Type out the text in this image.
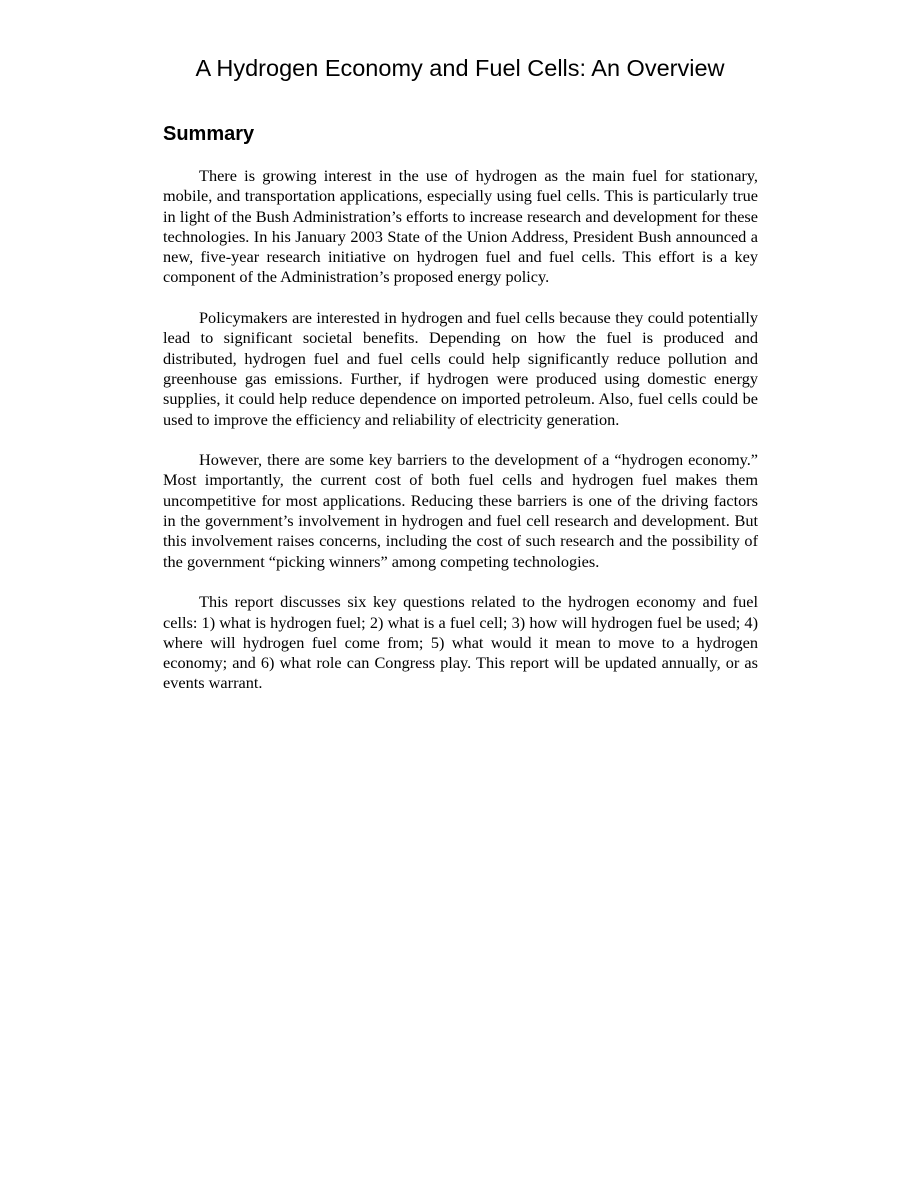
A Hydrogen Economy and Fuel Cells: An Overview
Summary

There is growing interest in the use of hydrogen as the main fuel for stationary, mobile, and transportation applications, especially using fuel cells. This is particularly true in light of the Bush Administration’s efforts to increase research and development for these technologies. In his January 2003 State of the Union Address, President Bush announced a new, five-year research initiative on hydrogen fuel and fuel cells. This effort is a key component of the Administration’s proposed energy policy.

Policymakers are interested in hydrogen and fuel cells because they could potentially lead to significant societal benefits. Depending on how the fuel is produced and distributed, hydrogen fuel and fuel cells could help significantly reduce pollution and greenhouse gas emissions. Further, if hydrogen were produced using domestic energy supplies, it could help reduce dependence on imported petroleum. Also, fuel cells could be used to improve the efficiency and reliability of electricity generation.

However, there are some key barriers to the development of a “hydrogen economy.” Most importantly, the current cost of both fuel cells and hydrogen fuel makes them uncompetitive for most applications. Reducing these barriers is one of the driving factors in the government’s involvement in hydrogen and fuel cell research and development. But this involvement raises concerns, including the cost of such research and the possibility of the government “picking winners” among competing technologies.

This report discusses six key questions related to the hydrogen economy and fuel cells: 1) what is hydrogen fuel; 2) what is a fuel cell; 3) how will hydrogen fuel be used; 4) where will hydrogen fuel come from; 5) what would it mean to move to a hydrogen economy; and 6) what role can Congress play. This report will be updated annually, or as events warrant.
